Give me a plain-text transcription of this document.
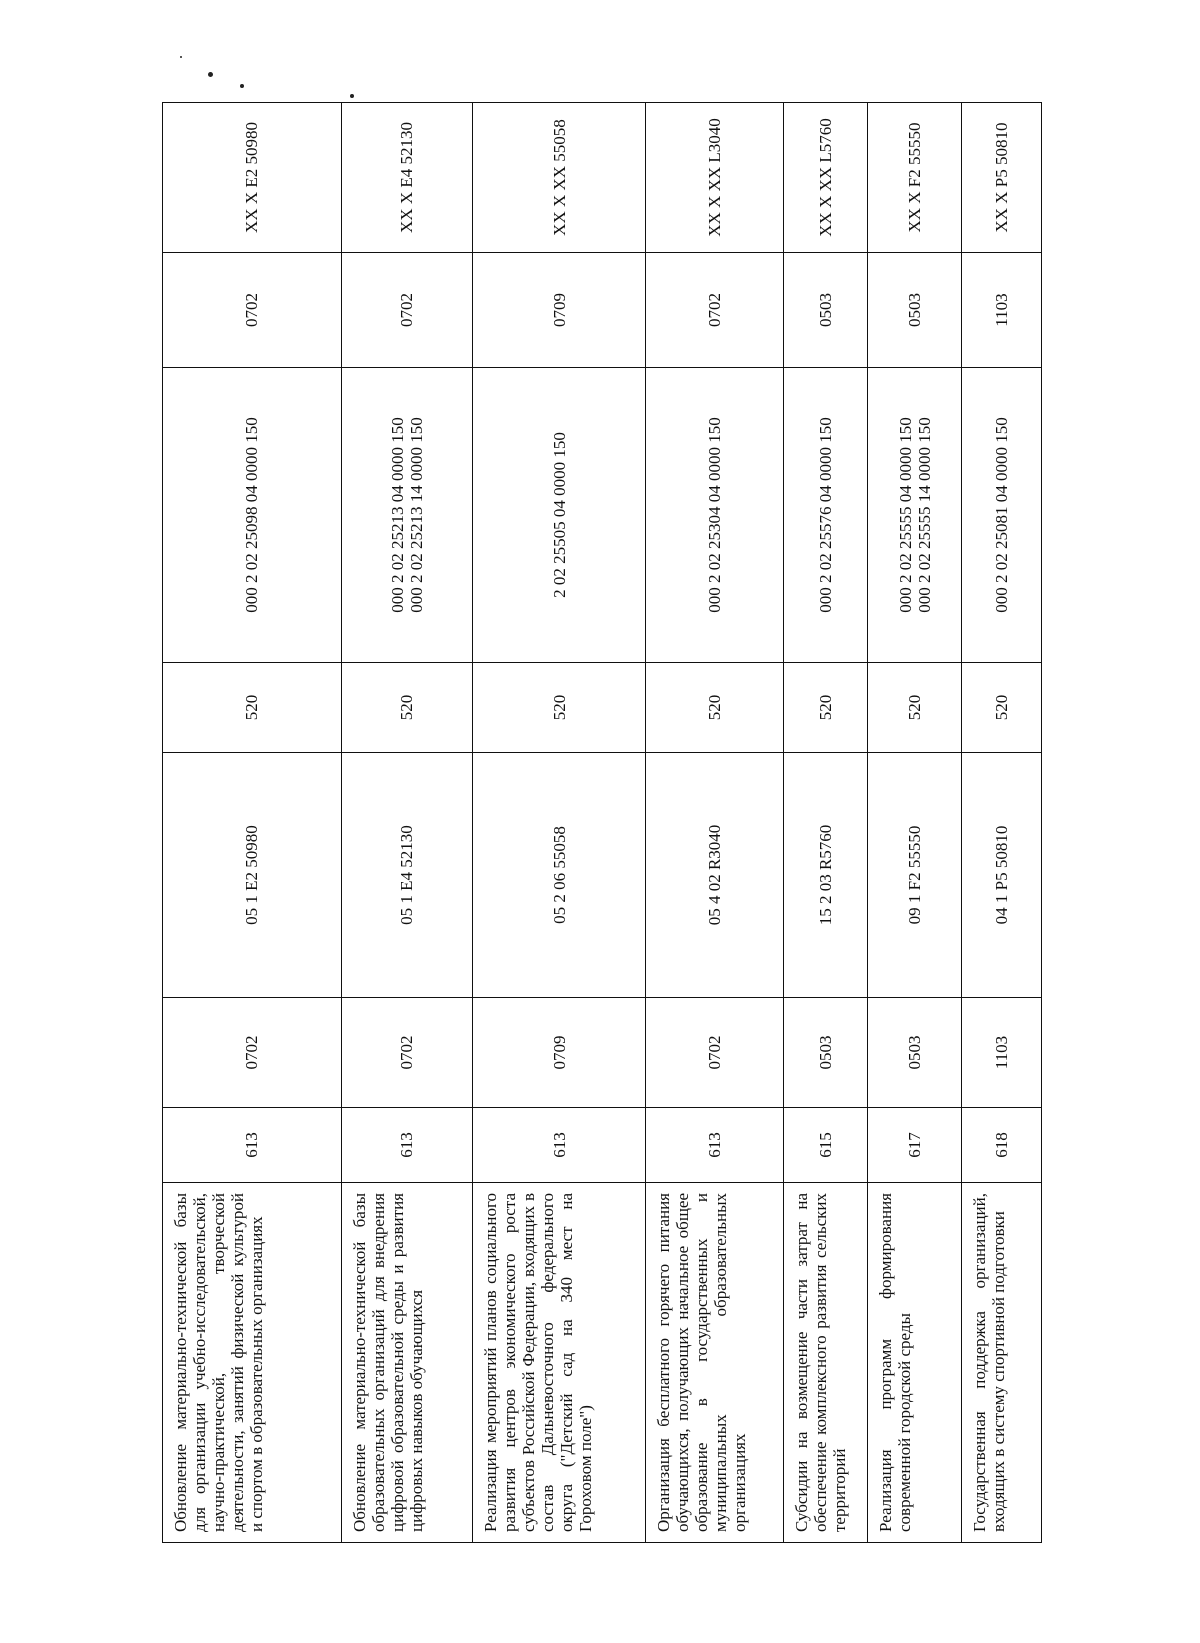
Обновление материально-технической базы для организации учебно-исследовательской, научно-практической, творческой деятельности, занятий физической культурой и спортом в образовательных организациях	613	0702	05 1 E2 50980	520	000 2 02 25098 04 0000 150	0702	XX X E2 50980
Обновление материально-технической базы образовательных организаций для внедрения цифровой образовательной среды и развития цифровых навыков обучающихся	613	0702	05 1 E4 52130	520	000 2 02 25213 04 0000 150 000 2 02 25213 14 0000 150	0702	XX X E4 52130
Реализация мероприятий планов социального развития центров экономического роста субъектов Российской Федерации, входящих в состав Дальневосточного федерального округа ("Детский сад на 340 мест на Гороховом поле")	613	0709	05 2 06 55058	520	2 02 25505 04 0000 150	0709	XX X XX 55058
Организация бесплатного горячего питания обучающихся, получающих начальное общее образование в государственных и муниципальных образовательных организациях	613	0702	05 4 02 R3040	520	000 2 02 25304 04 0000 150	0702	XX X XX L3040
Субсидии на возмещение части затрат на обеспечение комплексного развития сельских территорий	615	0503	15 2 03 R5760	520	000 2 02 25576 04 0000 150	0503	XX X XX L5760
Реализация программ формирования современной городской среды	617	0503	09 1 F2 55550	520	000 2 02 25555 04 0000 150 000 2 02 25555 14 0000 150	0503	XX X F2 55550
Государственная поддержка организаций, входящих в систему спортивной подготовки	618	1103	04 1 P5 50810	520	000 2 02 25081 04 0000 150	1103	XX X P5 50810
